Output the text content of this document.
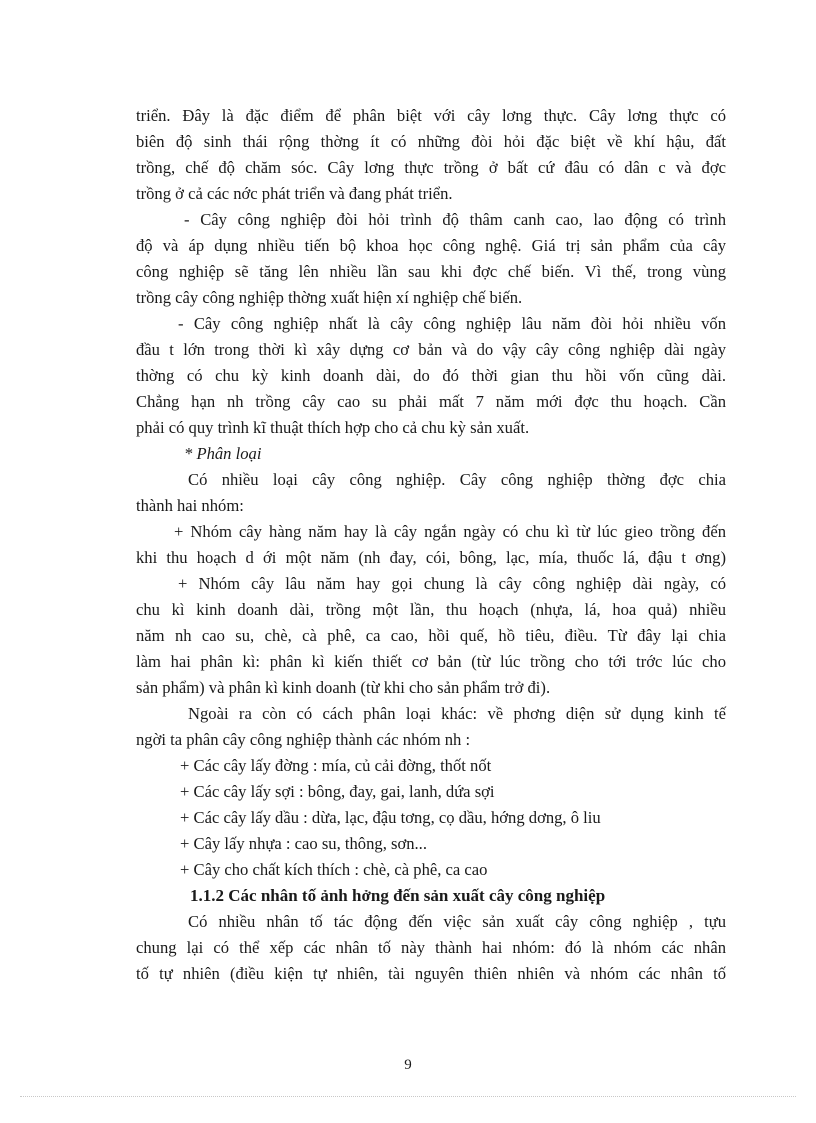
triển. Đây là đặc điểm để phân biệt với cây lơng thực. Cây lơng thực có
biên độ sinh thái rộng thờng ít có những đòi hỏi đặc biệt về khí hậu, đất
trồng, chế độ chăm sóc. Cây lơng thực trồng ở bất cứ đâu có dân c và đợc
trồng ở cả các nớc phát triển và đang phát triển.
- Cây công nghiệp đòi hỏi trình độ thâm canh cao, lao động có trình
độ và áp dụng nhiều tiến bộ khoa học công nghệ. Giá trị sản phẩm của cây
công nghiệp sẽ tăng lên nhiều lần sau khi đợc chế biến. Vì thế, trong vùng
trồng cây công nghiệp thờng xuất hiện xí nghiệp chế biến.
- Cây công nghiệp nhất là cây công nghiệp lâu năm đòi hỏi nhiều vốn
đầu t lớn trong thời kì xây dựng cơ bản và do vậy cây công nghiệp dài ngày
thờng có chu kỳ kinh doanh dài, do đó thời gian thu hồi vốn cũng dài.
Chẳng hạn nh trồng cây cao su phải mất 7 năm mới đợc thu hoạch. Cần
phải có quy trình kĩ thuật thích hợp cho cả chu kỳ sản xuất.
* Phân loại
Có nhiều loại cây công nghiệp. Cây công nghiệp thờng đợc chia
thành hai nhóm:
+ Nhóm cây hàng năm hay là cây ngắn ngày có chu kì từ lúc gieo trồng đến
khi thu hoạch d ới một năm (nh đay, cói, bông, lạc, mía, thuốc lá, đậu t ơng)
+ Nhóm cây lâu năm hay gọi chung là cây công nghiệp dài ngày, có
chu kì kinh doanh dài, trồng một lần, thu hoạch (nhựa, lá, hoa quả) nhiều
năm nh cao su, chè, cà phê, ca cao, hồi quế, hồ tiêu, điều. Từ đây lại chia
làm hai phân kì: phân kì kiến thiết cơ bản (từ lúc trồng cho tới trớc lúc cho
sản phẩm) và phân kì kinh doanh (từ khi cho sản phẩm trở đi).
Ngoài ra còn có cách phân loại khác: về phơng diện sử dụng kinh tế
ngời ta phân cây công nghiệp thành các nhóm nh :
+ Các cây lấy đờng : mía, củ cải đờng, thốt nốt
+ Các cây lấy sợi : bông, đay, gai, lanh, dứa sợi
+ Các cây lấy dầu : dừa, lạc, đậu tơng, cọ dầu, hớng dơng, ô liu
+ Cây lấy nhựa : cao su, thông, sơn...
+ Cây cho chất kích thích : chè, cà phê, ca cao
1.1.2 Các nhân tố ảnh hởng đến sản xuất cây công nghiệp
Có nhiều nhân tố tác động đến việc sản xuất cây công nghiệp , tựu
chung lại có thể xếp các nhân tố này thành hai nhóm: đó là nhóm các nhân
tố tự nhiên (điều kiện tự nhiên, tài nguyên thiên nhiên và nhóm các nhân tố
9
